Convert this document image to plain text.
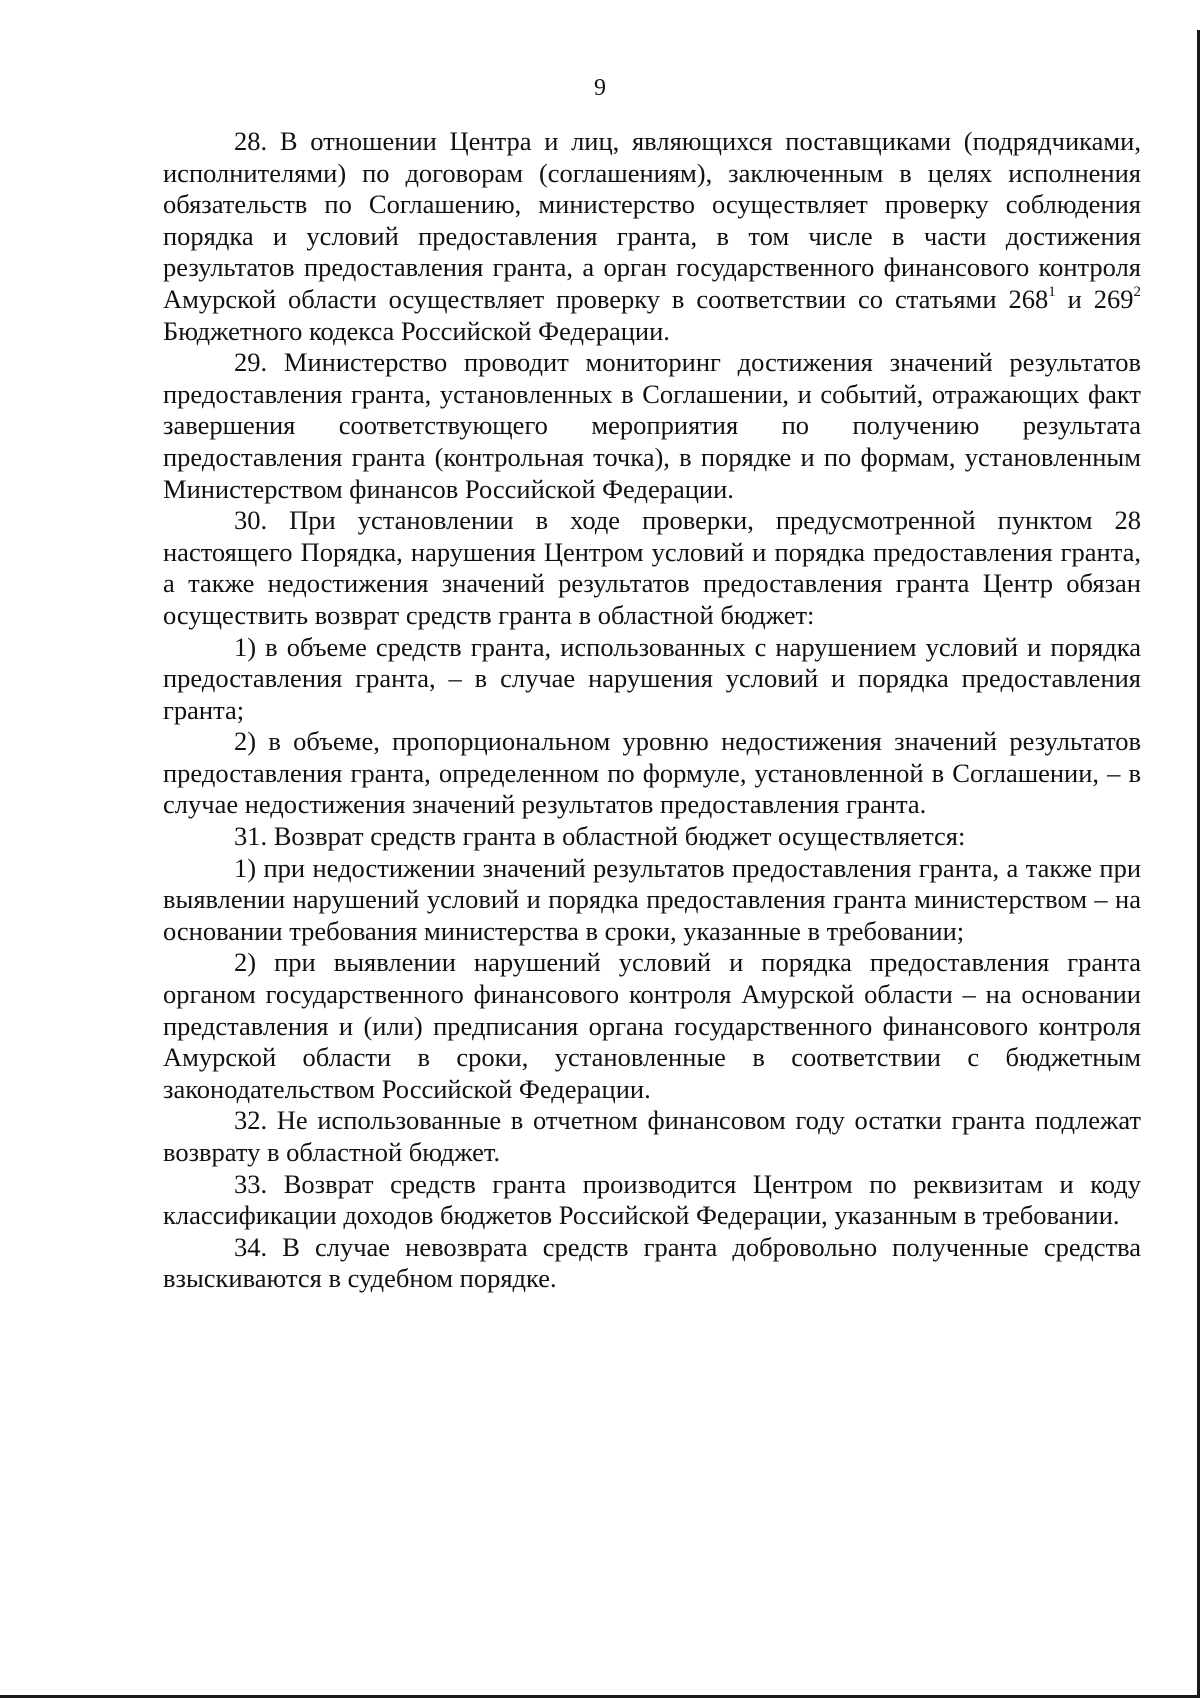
9

28. В отношении Центра и лиц, являющихся поставщиками (подрядчиками, исполнителями) по договорам (соглашениям), заключенным в целях исполнения обязательств по Соглашению, министерство осуществляет проверку соблюдения порядка и условий предоставления гранта, в том числе в части достижения результатов предоставления гранта, а орган государственного финансового контроля Амурской области осуществляет проверку в соответствии со статьями $268^1$ и $269^2$ Бюджетного кодекса Российской Федерации.

29. Министерство проводит мониторинг достижения значений результатов предоставления гранта, установленных в Соглашении, и событий, отражающих факт завершения соответствующего мероприятия по получению результата предоставления гранта (контрольная точка), в порядке и по формам, установленным Министерством финансов Российской Федерации.

30. При установлении в ходе проверки, предусмотренной пунктом 28 настоящего Порядка, нарушения Центром условий и порядка предоставления гранта, а также недостижения значений результатов предоставления гранта Центр обязан осуществить возврат средств гранта в областной бюджет:

1) в объеме средств гранта, использованных с нарушением условий и порядка предоставления гранта, – в случае нарушения условий и порядка предоставления гранта;

2) в объеме, пропорциональном уровню недостижения значений результатов предоставления гранта, определенном по формуле, установленной в Соглашении, – в случае недостижения значений результатов предоставления гранта.

31. Возврат средств гранта в областной бюджет осуществляется:

1) при недостижении значений результатов предоставления гранта, а также при выявлении нарушений условий и порядка предоставления гранта министерством – на основании требования министерства в сроки, указанные в требовании;

2) при выявлении нарушений условий и порядка предоставления гранта органом государственного финансового контроля Амурской области – на основании представления и (или) предписания органа государственного финансового контроля Амурской области в сроки, установленные в соответствии с бюджетным законодательством Российской Федерации.

32. Не использованные в отчетном финансовом году остатки гранта подлежат возврату в областной бюджет.

33. Возврат средств гранта производится Центром по реквизитам и коду классификации доходов бюджетов Российской Федерации, указанным в требовании.

34. В случае невозврата средств гранта добровольно полученные средства взыскиваются в судебном порядке.
